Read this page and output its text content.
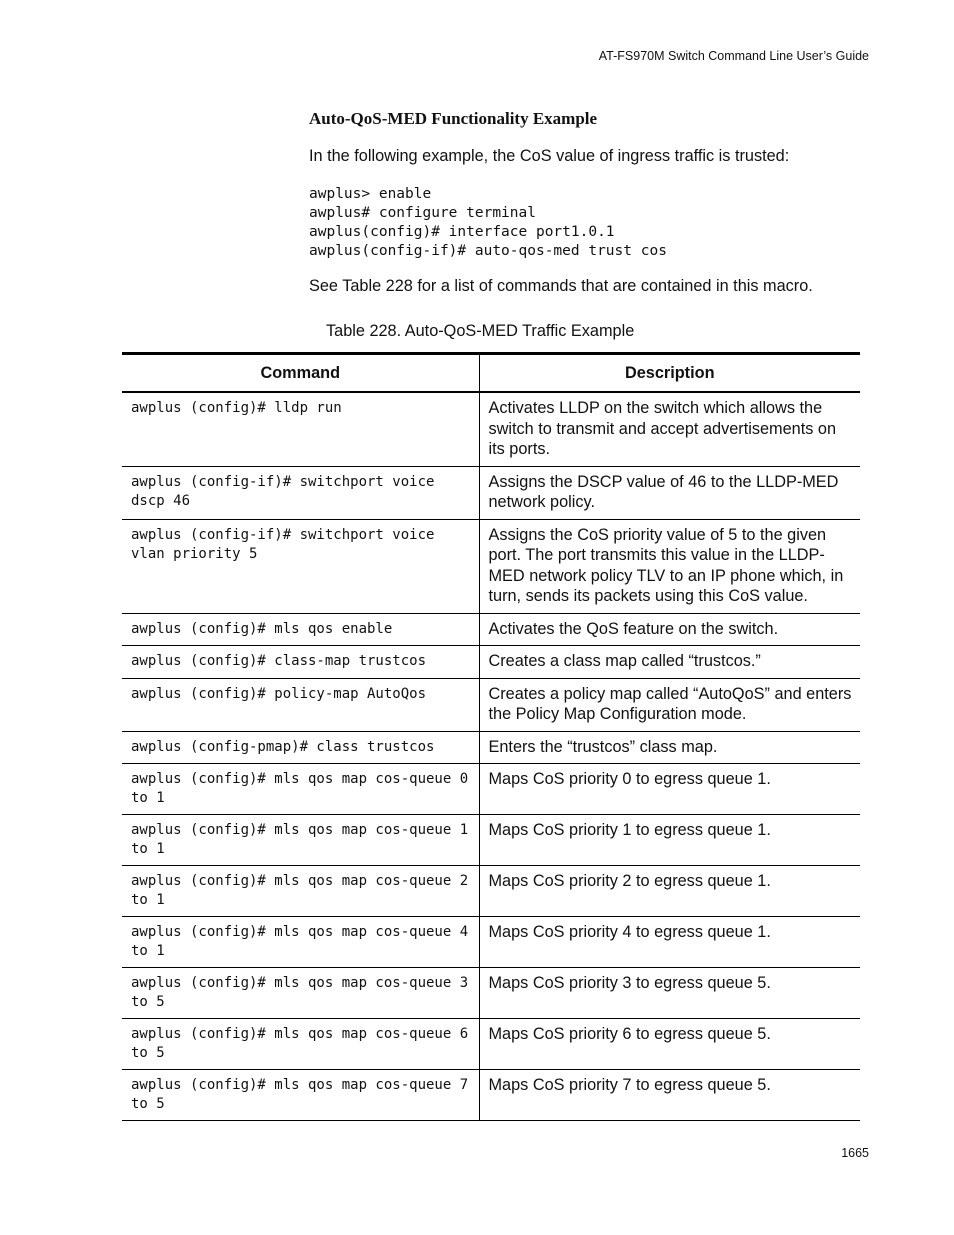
AT-FS970M Switch Command Line User’s Guide
Auto-QoS-MED Functionality Example
In the following example, the CoS value of ingress traffic is trusted:
awplus> enable
awplus# configure terminal
awplus(config)# interface port1.0.1
awplus(config-if)# auto-qos-med trust cos
See Table 228 for a list of commands that are contained in this macro.
Table 228. Auto-QoS-MED Traffic Example
Command	Description
awplus (config)# lldp run	Activates LLDP on the switch which allows the switch to transmit and accept advertisements on its ports.
awplus (config-if)# switchport voice dscp 46	Assigns the DSCP value of 46 to the LLDP-MED network policy.
awplus (config-if)# switchport voice vlan priority 5	Assigns the CoS priority value of 5 to the given port. The port transmits this value in the LLDP-MED network policy TLV to an IP phone which, in turn, sends its packets using this CoS value.
awplus (config)# mls qos enable	Activates the QoS feature on the switch.
awplus (config)# class-map trustcos	Creates a class map called “trustcos.”
awplus (config)# policy-map AutoQos	Creates a policy map called “AutoQoS” and enters the Policy Map Configuration mode.
awplus (config-pmap)# class trustcos	Enters the “trustcos” class map.
awplus (config)# mls qos map cos-queue 0 to 1	Maps CoS priority 0 to egress queue 1.
awplus (config)# mls qos map cos-queue 1 to 1	Maps CoS priority 1 to egress queue 1.
awplus (config)# mls qos map cos-queue 2 to 1	Maps CoS priority 2 to egress queue 1.
awplus (config)# mls qos map cos-queue 4 to 1	Maps CoS priority 4 to egress queue 1.
awplus (config)# mls qos map cos-queue 3 to 5	Maps CoS priority 3 to egress queue 5.
awplus (config)# mls qos map cos-queue 6 to 5	Maps CoS priority 6 to egress queue 5.
awplus (config)# mls qos map cos-queue 7 to 5	Maps CoS priority 7 to egress queue 5.
1665
